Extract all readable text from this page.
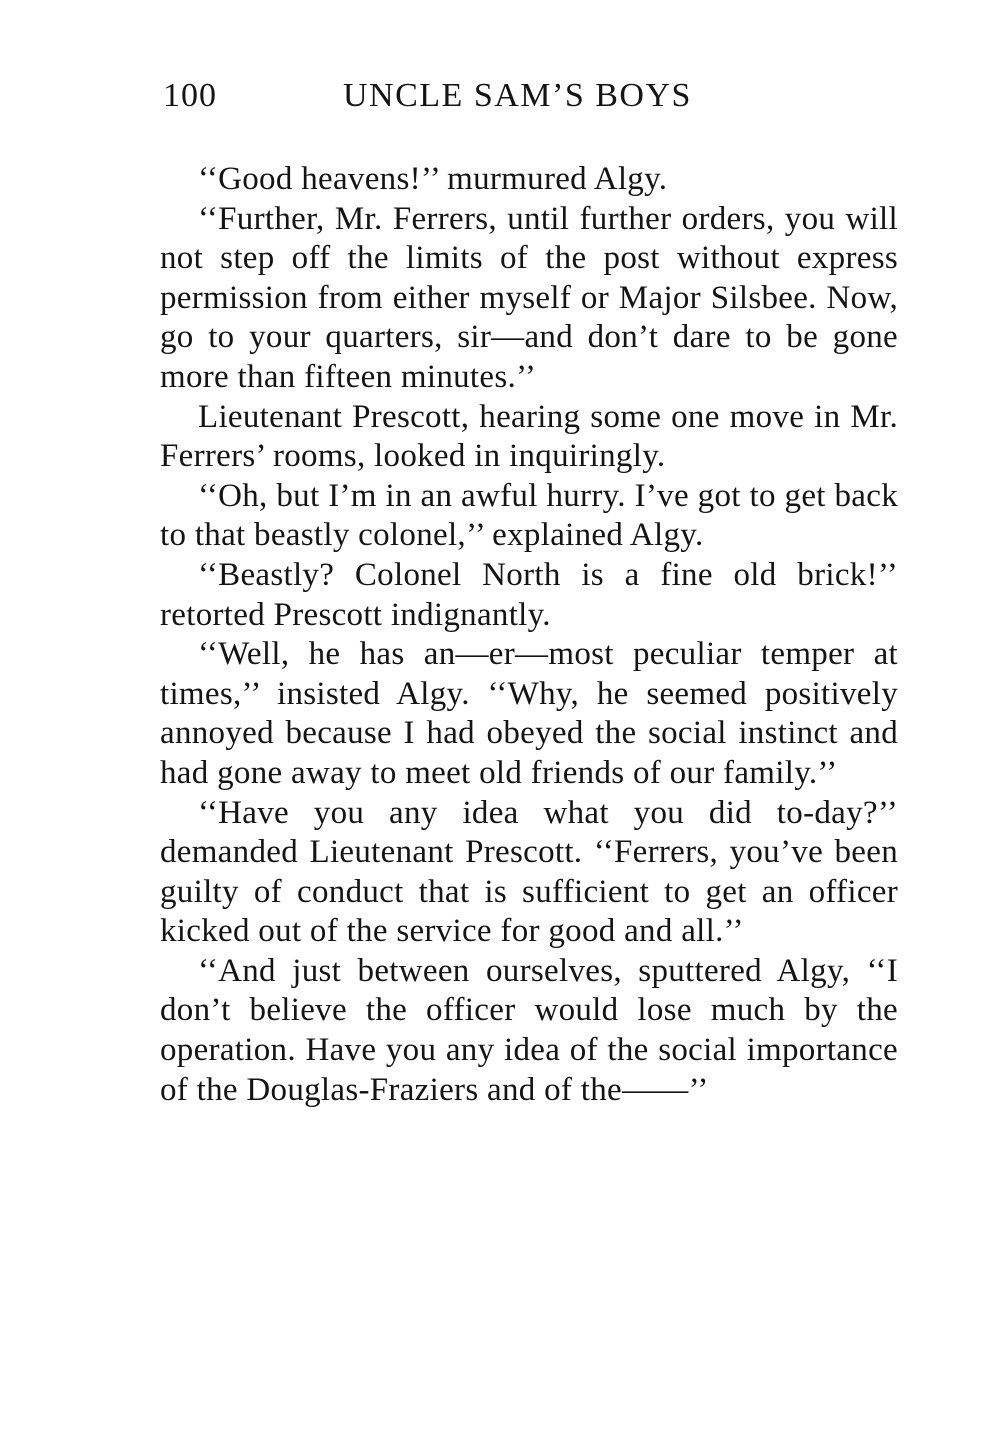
100	UNCLE SAM’S BOYS

‘‘Good heavens!’’ murmured Algy.

‘‘Further, Mr. Ferrers, until further orders, you will not step off the limits of the post without express permission from either myself or Major Silsbee. Now, go to your quarters, sir—and don’t dare to be gone more than fifteen minutes.’’

Lieutenant Prescott, hearing some one move in Mr. Ferrers’ rooms, looked in inquiringly.

‘‘Oh, but I’m in an awful hurry. I’ve got to get back to that beastly colonel,’’ explained Algy.

‘‘Beastly? Colonel North is a fine old brick!’’ retorted Prescott indignantly.

‘‘Well, he has an—er—most peculiar temper at times,’’ insisted Algy. ‘‘Why, he seemed positively annoyed because I had obeyed the social instinct and had gone away to meet old friends of our family.’’

‘‘Have you any idea what you did to-day?’’ demanded Lieutenant Prescott. ‘‘Ferrers, you’ve been guilty of conduct that is sufficient to get an officer kicked out of the service for good and all.’’

‘‘And just between ourselves, sputtered Algy, ‘‘I don’t believe the officer would lose much by the operation. Have you any idea of the social importance of the Douglas-Fraziers and of the——’’
